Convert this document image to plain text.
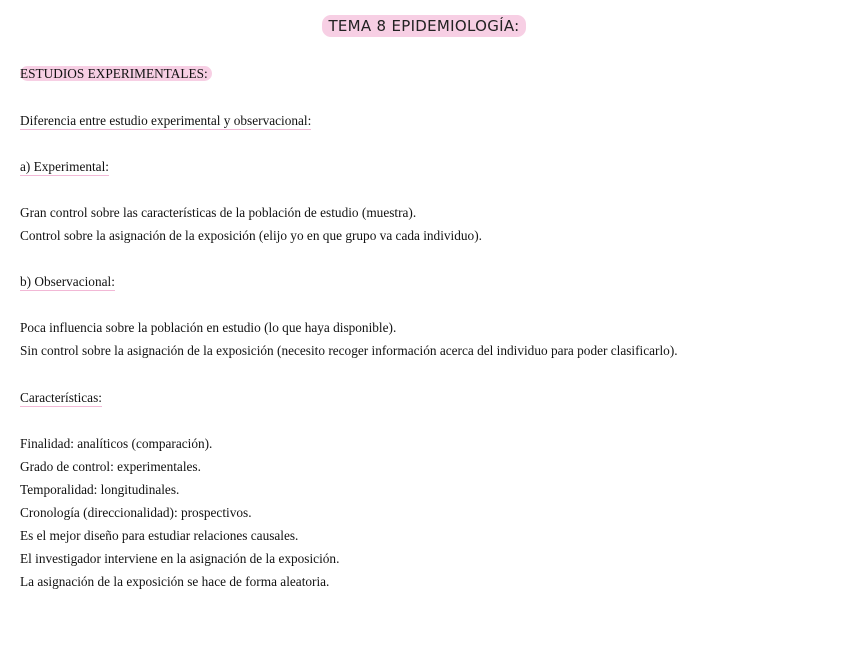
TEMA 8 EPIDEMIOLOGÍA:
ESTUDIOS EXPERIMENTALES:
Diferencia entre estudio experimental y observacional:
a) Experimental:
Gran control sobre las características de la población de estudio (muestra).
Control sobre la asignación de la exposición (elijo yo en que grupo va cada individuo).
b) Observacional:
Poca influencia sobre la población en estudio (lo que haya disponible).
Sin control sobre la asignación de la exposición (necesito recoger información acerca del individuo para poder clasificarlo).
Características:
Finalidad: analíticos (comparación).
Grado de control: experimentales.
Temporalidad: longitudinales.
Cronología (direccionalidad): prospectivos.
Es el mejor diseño para estudiar relaciones causales.
El investigador interviene en la asignación de la exposición.
La asignación de la exposición se hace de forma aleatoria.
